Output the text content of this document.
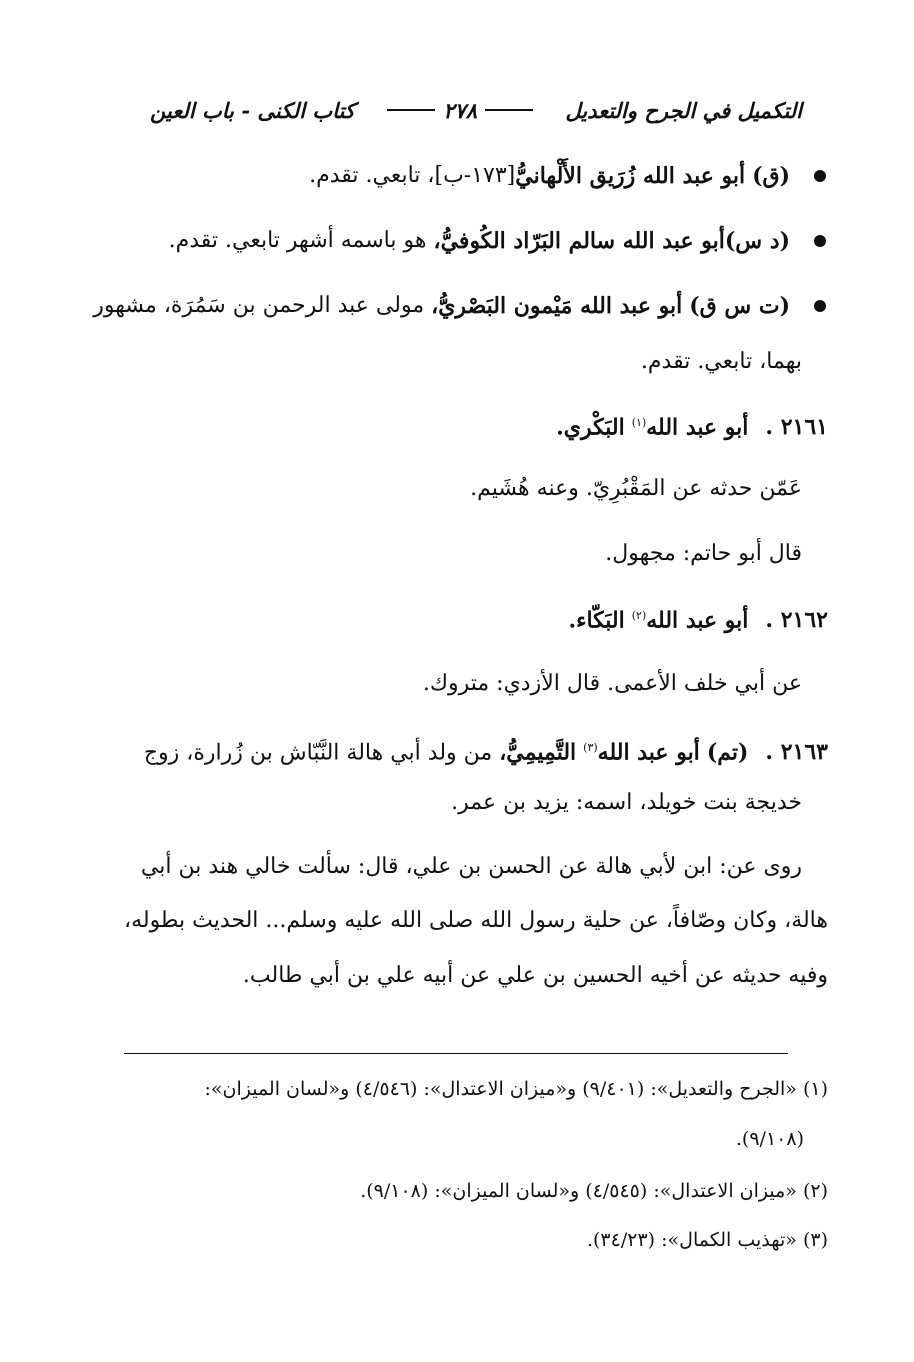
التكميل في الجرح والتعديل
٢٧٨
كتاب الكنى - باب العين
(ق)

أبو عبد الله زُرَيق الأَلْهانيُّ
[١٧٣-ب]، تابعي. تقدم.
(د س)
أبو عبد الله سالم البَرّاد الكُوفيُّ،

هو باسمه أشهر تابعي. تقدم.
(ت س ق)

أبو عبد الله مَيْمون البَصْريُّ،

مولى عبد الرحمن بن سَمُرَة، مشهور
بهما، تابعي. تقدم.
٢١٦١ . أبو عبد الله$^{(١)}$ البَكْري.
عَمّن حدثه عن المَقْبُرِيّ. وعنه هُشَيم.
قال أبو حاتم: مجهول.
٢١٦٢ . أبو عبد الله$^{(٢)}$ البَكّاء.
عن أبي خلف الأعمى. قال الأزدي: متروك.
٢١٦٣ . (تم) أبو عبد الله$^{(٣)}$ التَّمِيمِيُّ، من ولد أبي هالة النَّبّاش بن زُرارة، زوج
خديجة بنت خويلد، اسمه: يزيد بن عمر.
روى عن: ابن لأبي هالة عن الحسن بن علي، قال: سألت خالي هند بن أبي
هالة، وكان وصّافاً، عن حلية رسول الله صلى الله عليه وسلم... الحديث بطوله،
وفيه حديثه عن أخيه الحسين بن علي عن أبيه علي بن أبي طالب.
(١) «الجرح والتعديل»: (٩/٤٠١) و«ميزان الاعتدال»: (٤/٥٤٦) و«لسان الميزان»:
(٩/١٠٨).
(٢) «ميزان الاعتدال»: (٤/٥٤٥) و«لسان الميزان»: (٩/١٠٨).
(٣) «تهذيب الكمال»: (٣٤/٢٣).
